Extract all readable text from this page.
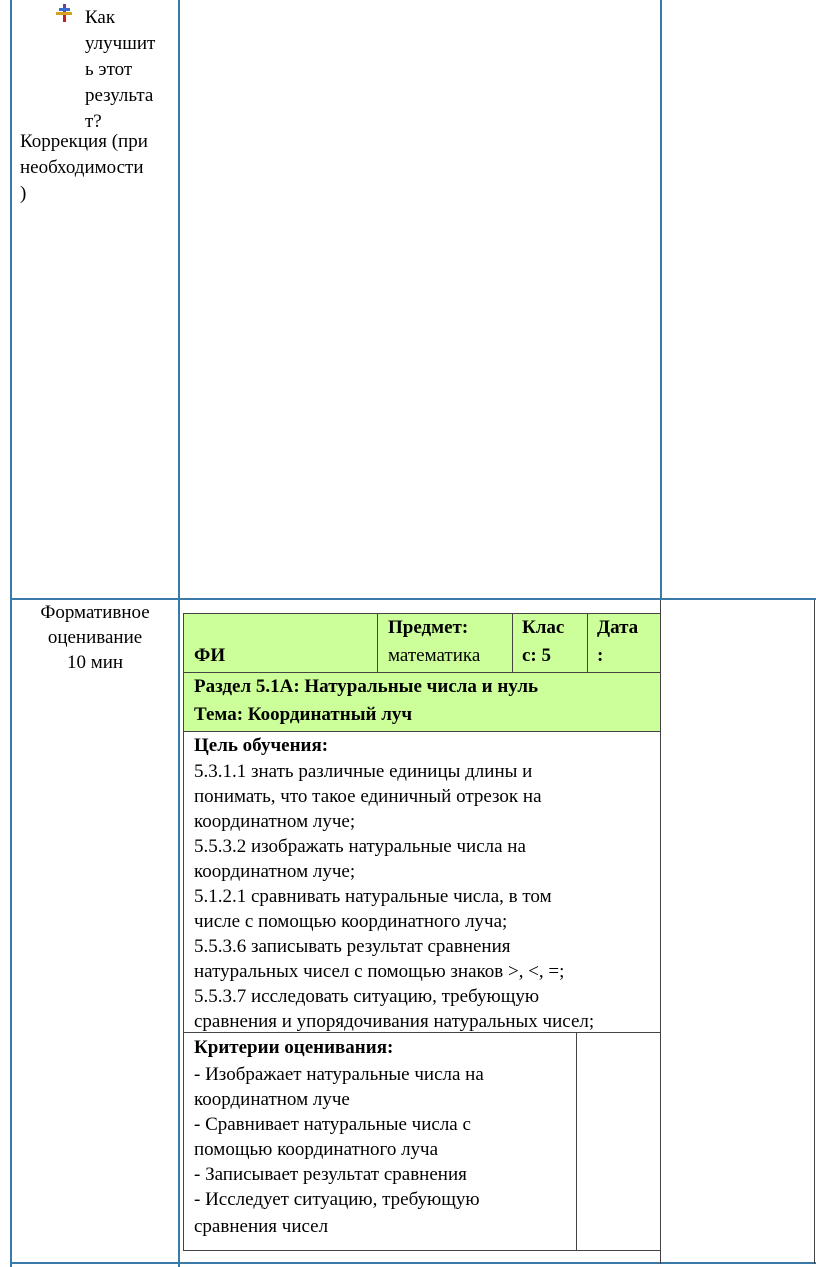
Как
улучшит
ь этот
результа
т?
Коррекция (при
необходимости
)
Формативное
оценивание
10 мин	ФИ
Предмет:
математика
Клас
с: 5
Дата
:
Раздел 5.1А: Натуральные числа и нуль
Тема: Координатный луч
Цель обучения:
5.3.1.1 знать различные единицы длины и
понимать, что такое единичный отрезок на
координатном луче;
5.5.3.2 изображать натуральные числа на
координатном луче;
5.1.2.1 сравнивать натуральные числа, в том
числе с помощью координатного луча;
5.5.3.6 записывать результат сравнения
натуральных чисел с помощью знаков >, <, =;
5.5.3.7 исследовать ситуацию, требующую
сравнения и упорядочивания натуральных чисел;
Критерии оценивания:
- Изображает натуральные числа на
координатном луче
- Сравнивает натуральные числа с
помощью координатного луча
- Записывает результат сравнения
- Исследует ситуацию, требующую
сравнения чисел
